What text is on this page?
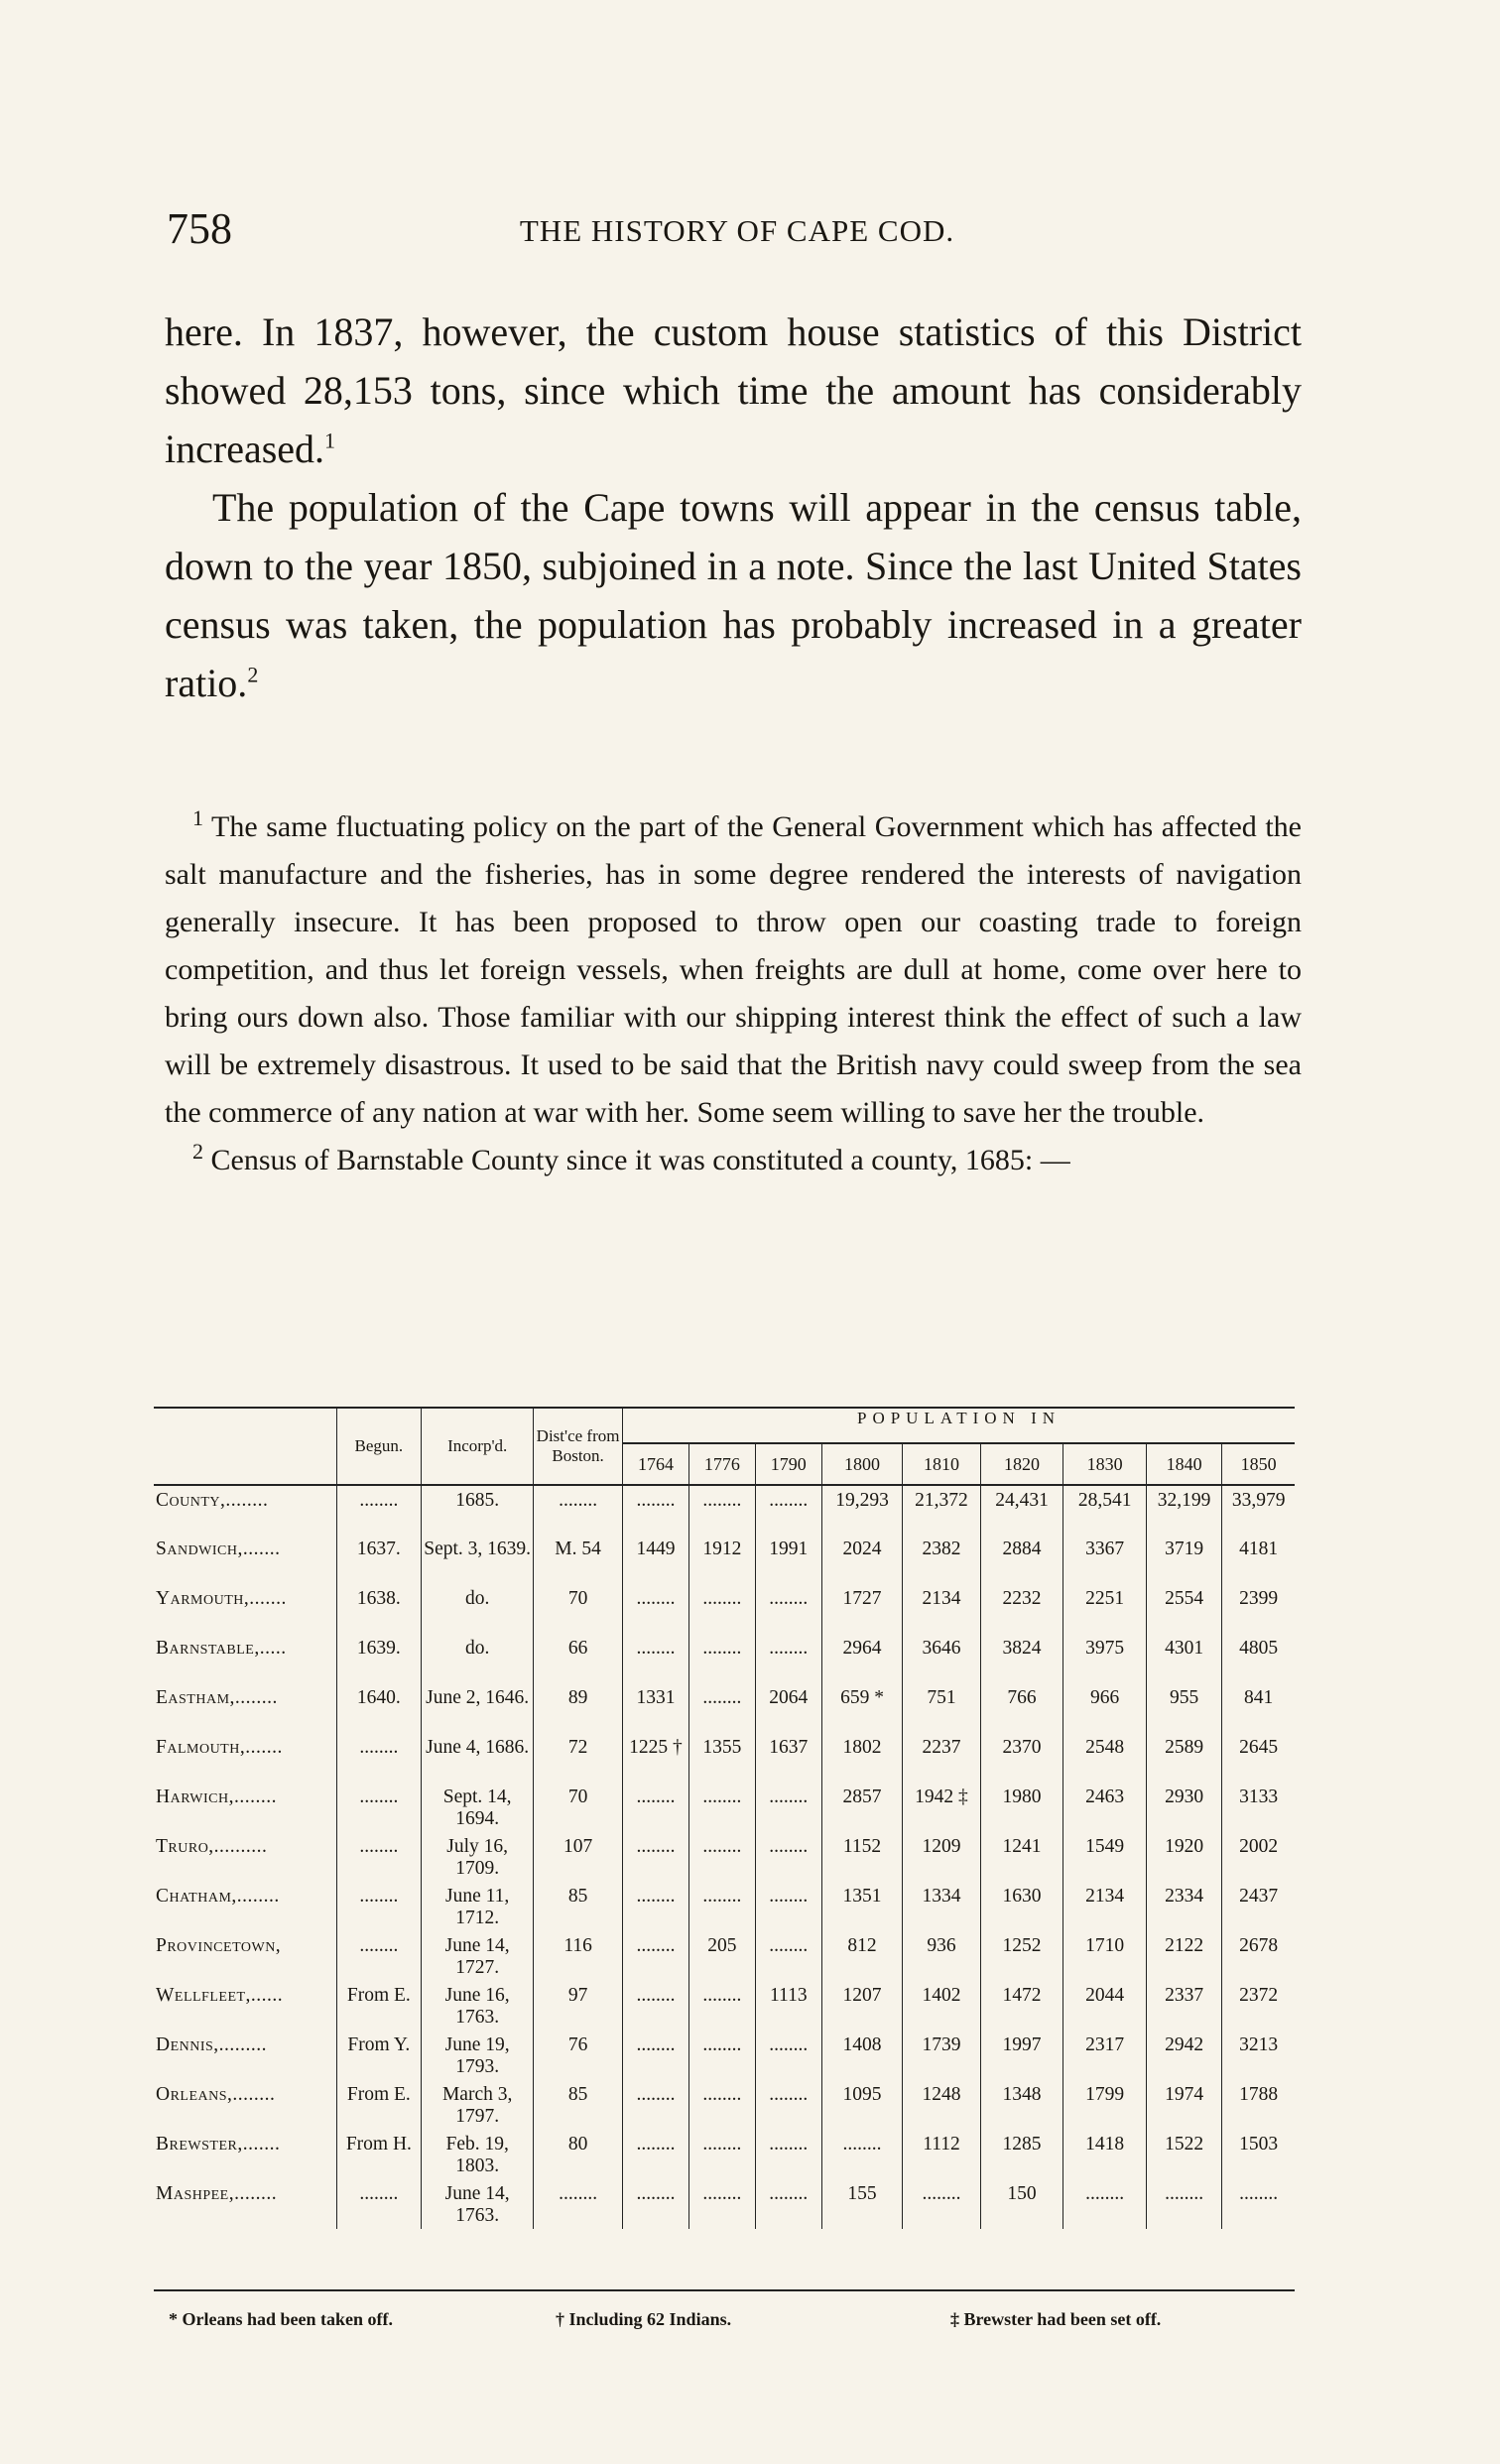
758	THE HISTORY OF CAPE COD.

here. In 1837, however, the custom house statistics of this District showed 28,153 tons, since which time the amount has considerably increased.$^1$

The population of the Cape towns will appear in the census table, down to the year 1850, subjoined in a note. Since the last United States census was taken, the population has probably increased in a greater ratio.$^2$

$^1$ The same fluctuating policy on the part of the General Government which has affected the salt manufacture and the fisheries, has in some degree rendered the interests of navigation generally insecure. It has been proposed to throw open our coasting trade to foreign competition, and thus let foreign vessels, when freights are dull at home, come over here to bring ours down also. Those familiar with our shipping interest think the effect of such a law will be extremely disastrous. It used to be said that the British navy could sweep from the sea the commerce of any nation at war with her. Some seem willing to save her the trouble.

$^2$ Census of Barnstable County since it was constituted a county, 1685: —

	Begun.	Incorp'd.	Dist'ce from Boston.	POPULATION IN								
				1764	1776	1790	1800	1810	1820	1830	1840	1850
County,........	........	1685.	........	........	........	........	19,293	21,372	24,431	28,541	32,199	33,979
Sandwich,.......	1637.	Sept. 3, 1639.	M. 54	1449	1912	1991	2024	2382	2884	3367	3719	4181
Yarmouth,.......	1638.	do.	70	........	........	........	1727	2134	2232	2251	2554	2399
Barnstable,.....	1639.	do.	66	........	........	........	2964	3646	3824	3975	4301	4805
Eastham,........	1640.	June 2, 1646.	89	1331	........	2064	659 *	751	766	966	955	841
Falmouth,.......	........	June 4, 1686.	72	1225 †	1355	1637	1802	2237	2370	2548	2589	2645
Harwich,........	........	Sept. 14, 1694.	70	........	........	........	2857	1942 ‡	1980	2463	2930	3133
Truro,..........	........	July 16, 1709.	107	........	........	........	1152	1209	1241	1549	1920	2002
Chatham,........	........	June 11, 1712.	85	........	........	........	1351	1334	1630	2134	2334	2437
Provincetown,	........	June 14, 1727.	116	........	205	........	812	936	1252	1710	2122	2678
Wellfleet,......	From E.	June 16, 1763.	97	........	........	1113	1207	1402	1472	2044	2337	2372
Dennis,.........	From Y.	June 19, 1793.	76	........	........	........	1408	1739	1997	2317	2942	3213
Orleans,........	From E.	March 3, 1797.	85	........	........	........	1095	1248	1348	1799	1974	1788
Brewster,.......	From H.	Feb. 19, 1803.	80	........	........	........	........	1112	1285	1418	1522	1503
Mashpee,........	........	June 14, 1763.	........	........	........	........	155	........	150	........	........	........
* Orleans had been taken off.	† Including 62 Indians.	‡ Brewster had been set off.
